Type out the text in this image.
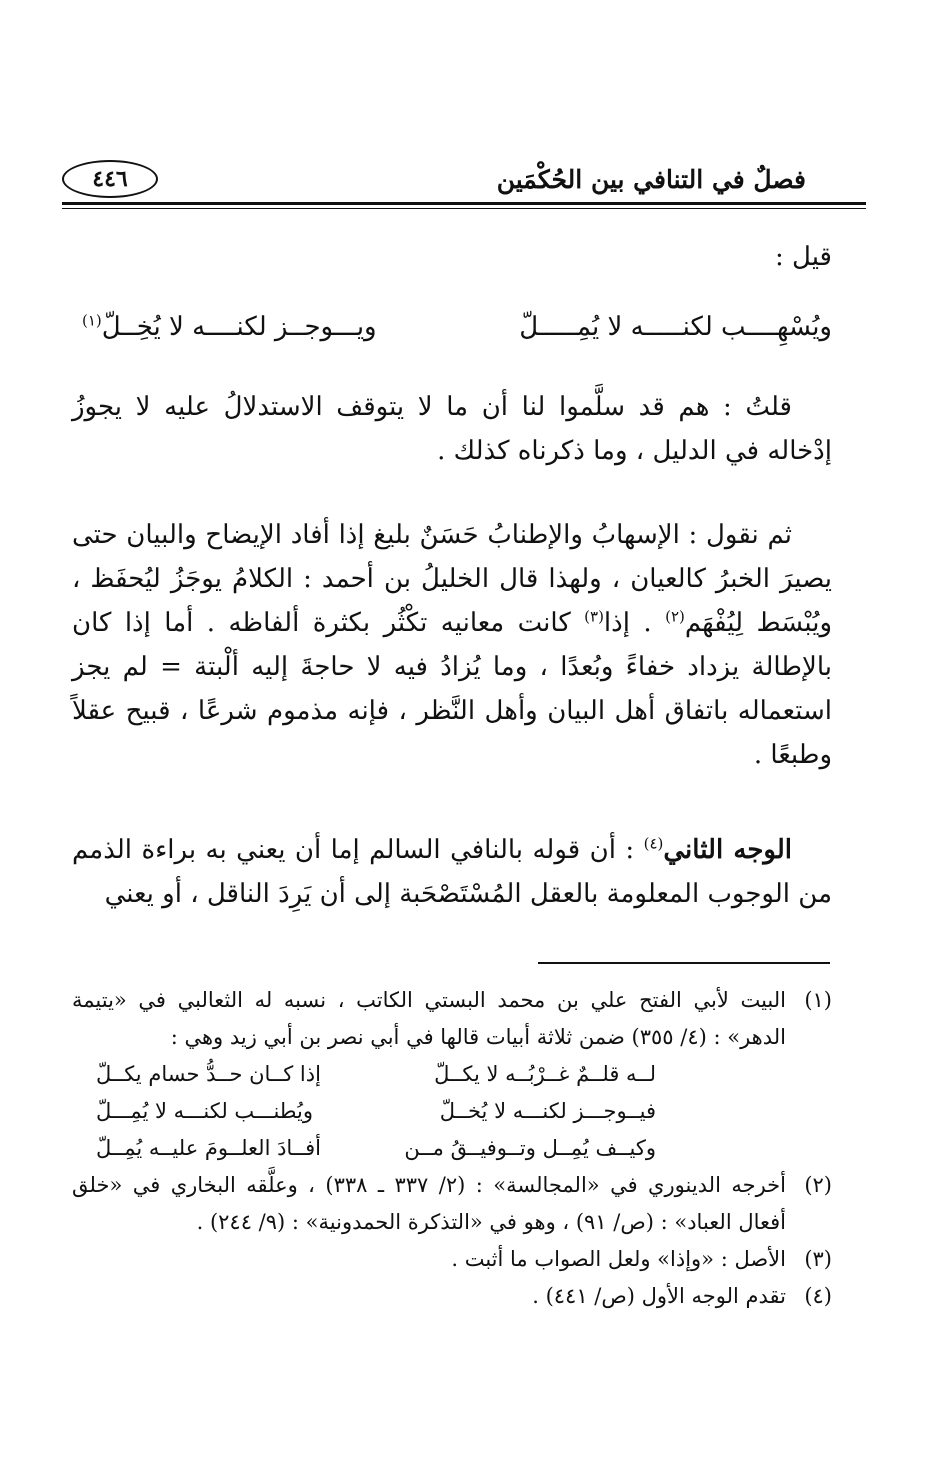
فصلٌ في التنافي بين الحُكْمَين
٤٤٦
قيل :
ويُسْهِــــب لكنـــــه لا يُمِـــــلّ
ويـــوجــز لكنــــه لا يُخِــلّ$^{(١)}$
قلتُ : هم قد سلَّموا لنا أن ما لا يتوقف الاستدلالُ عليه لا يجوزُ إدْخاله في الدليل ، وما ذكرناه كذلك .
ثم نقول : الإسهابُ والإطنابُ حَسَنٌ بليغ إذا أفاد الإيضاح والبيان حتى يصيرَ الخبرُ كالعيان ، ولهذا قال الخليلُ بن أحمد : الكلامُ يوجَزُ ليُحفَظ ، ويُبْسَط لِيُفْهَم$^{(٢)}$ . إذا$^{(٣)}$ كانت معانيه تكْثُر بكثرة ألفاظه . أما إذا كان بالإطالة يزداد خفاءً وبُعدًا ، وما يُزادُ فيه لا حاجةَ إليه ألْبتة = لم يجز استعماله باتفاق أهل البيان وأهل النَّظر ، فإنه مذموم شرعًا ، قبيح عقلاً وطبعًا .
الوجه الثاني$^{(٤)}$ : أن قوله بالنافي السالم إما أن يعني به براءة الذمم من الوجوب المعلومة بالعقل المُسْتَصْحَبة إلى أن يَرِدَ الناقل ، أو يعني
(١)
البيت لأبي الفتح علي بن محمد البستي الكاتب ، نسبه له الثعالبي في «يتيمة الدهر» : (٤/ ٣٥٥) ضمن ثلاثة أبيات قالها في أبي نصر بن أبي زيد وهي :
لــه قلــمٌ غــرْبُــه لا يكــلّ
إذا كــان حــدُّ حسام يكــلّ
فيــوجـــز لكنـــه لا يُخــلّ
ويُطنـــب لكنـــه لا يُمِـــلّ
وكيــف يُمِــل وتــوفيــقُ مــن
أفــادَ العلــومَ عليــه يُمِــلّ
(٢)
أخرجه الدينوري في «المجالسة» : (٢/ ٣٣٧ ـ ٣٣٨) ، وعلَّقه البخاري في «خلق أفعال العباد» : (ص/ ٩١) ، وهو في «التذكرة الحمدونية» : (٩/ ٢٤٤) .
(٣)
الأصل : «وإذا» ولعل الصواب ما أثبت .
(٤)
تقدم الوجه الأول (ص/ ٤٤١) .
